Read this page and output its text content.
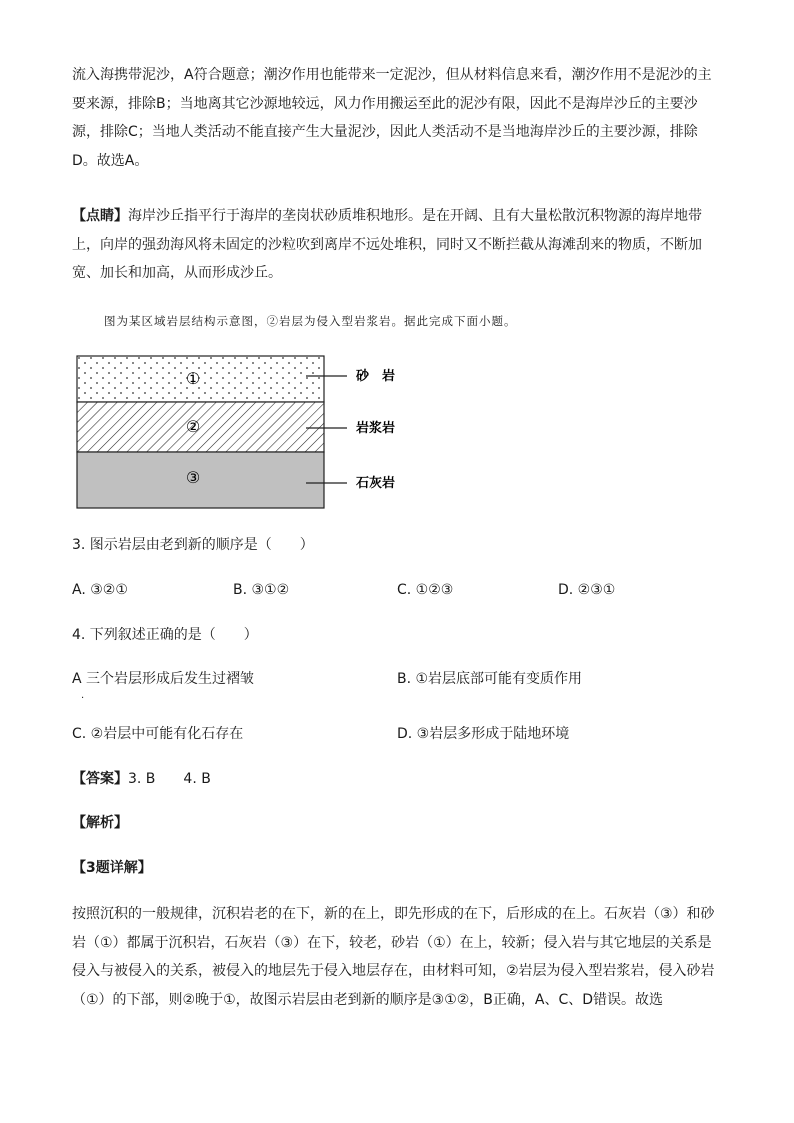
流入海携带泥沙，A符合题意；潮汐作用也能带来一定泥沙，但从材料信息来看，潮汐作用不是泥沙的主要来源，排除B；当地离其它沙源地较远，风力作用搬运至此的泥沙有限，因此不是海岸沙丘的主要沙源，排除C；当地人类活动不能直接产生大量泥沙，因此人类活动不是当地海岸沙丘的主要沙源，排除D。故选A。

【点睛】海岸沙丘指平行于海岸的垄岗状砂质堆积地形。是在开阔、且有大量松散沉积物源的海岸地带上，向岸的强劲海风将未固定的沙粒吹到离岸不远处堆积，同时又不断拦截从海滩刮来的物质，不断加宽、加长和加高，从而形成沙丘。

图为某区域岩层结构示意图，②岩层为侵入型岩浆岩。据此完成下面小题。
①
②
③
砂　岩
岩浆岩
石灰岩
3. 图示岩层由老到新的顺序是（　　）
A. ③②①	B. ③①②	C. ①②③	D. ②③①
4. 下列叙述正确的是（　　）
A 三个岩层形成后发生过褶皱
.
B. ①岩层底部可能有变质作用
C. ②岩层中可能有化石存在	D. ③岩层多形成于陆地环境
【答案】3. B　　4. B
【解析】
【3题详解】

按照沉积的一般规律，沉积岩老的在下，新的在上，即先形成的在下，后形成的在上。石灰岩（③）和砂岩（①）都属于沉积岩，石灰岩（③）在下，较老，砂岩（①）在上，较新；侵入岩与其它地层的关系是侵入与被侵入的关系，被侵入的地层先于侵入地层存在，由材料可知，②岩层为侵入型岩浆岩，侵入砂岩（①）的下部，则②晚于①，故图示岩层由老到新的顺序是③①②，B正确，A、C、D错误。故选
